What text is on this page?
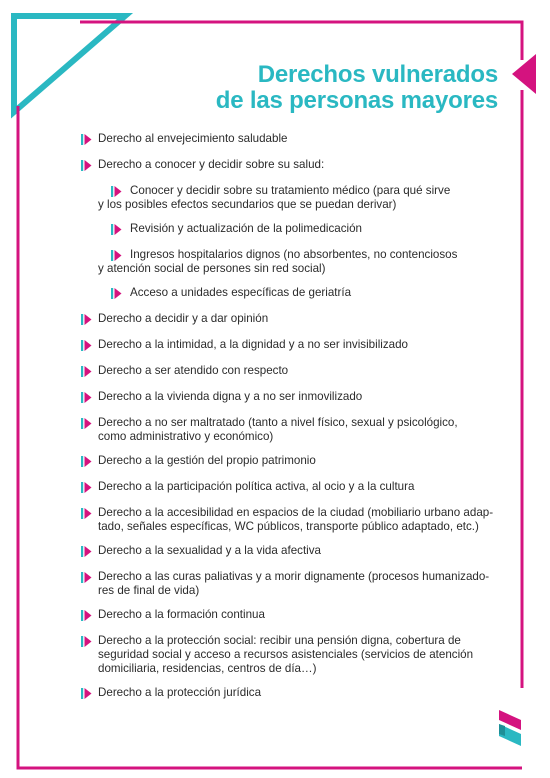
Derechos vulnerados
de las personas mayores
Derecho al envejecimiento saludable
Derecho a conocer y decidir sobre su salud:
Conocer y decidir sobre su tratamiento médico (para qué sirve
y los posibles efectos secundarios que se puedan derivar)
Revisión y actualización de la polimedicación
Ingresos hospitalarios dignos (no absorbentes, no contenciosos
y atención social de persones sin red social)
Acceso a unidades específicas de geriatría
Derecho a decidir y a dar opinión
Derecho a la intimidad, a la dignidad y a no ser invisibilizado
Derecho a ser atendido con respecto
Derecho a la vivienda digna y a no ser inmovilizado
Derecho a no ser maltratado (tanto a nivel físico, sexual y psicológico,
como administrativo y económico)
Derecho a la gestión del propio patrimonio
Derecho a la participación política activa, al ocio y a la cultura
Derecho a la accesibilidad en espacios de la ciudad (mobiliario urbano adap-
tado, señales específicas, WC públicos, transporte público adaptado, etc.)
Derecho a la sexualidad y a la vida afectiva
Derecho a las curas paliativas y a morir dignamente (procesos humanizado-
res de final de vida)
Derecho a la formación continua
Derecho a la protección social: recibir una pensión digna, cobertura de
seguridad social y acceso a recursos asistenciales (servicios de atención
domiciliaria, residencias, centros de día…)
Derecho a la protección jurídica
